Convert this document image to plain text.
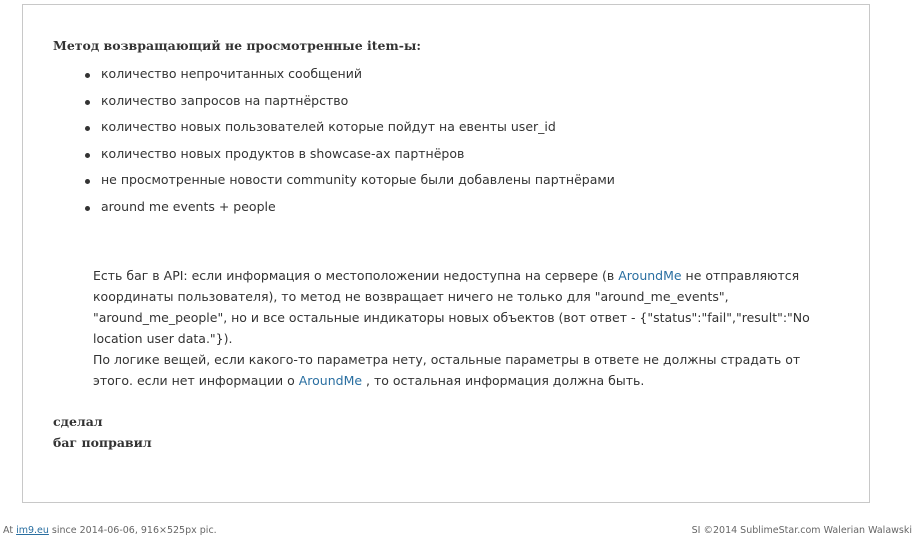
Метод возвращающий не просмотренные item-ы:
количество непрочитанных сообщений
количество запросов на партнёрство
количество новых пользователей которые пойдут на евенты user_id
количество новых продуктов в showcase-ах партнёров
не просмотренные новости community которые были добавлены партнёрами
around me events + people
Есть баг в API: если информация о местоположении недоступна на сервере (в AroundMe не отправляются координаты пользователя), то метод не возвращает ничего не только для "around_me_events", "around_me_people", но и все остальные индикаторы новых объектов (вот ответ - {"status":"fail","result":"No location user data."}).
По логике вещей, если какого-то параметра нету, остальные параметры в ответе не должны страдать от этого. если нет информации о AroundMe , то остальная информация должна быть.
сделал
баг поправил
At im9.eu since 2014-06-06, 916×525px pic.	SI ©2014 SublimeStar.com Walerian Walawski
